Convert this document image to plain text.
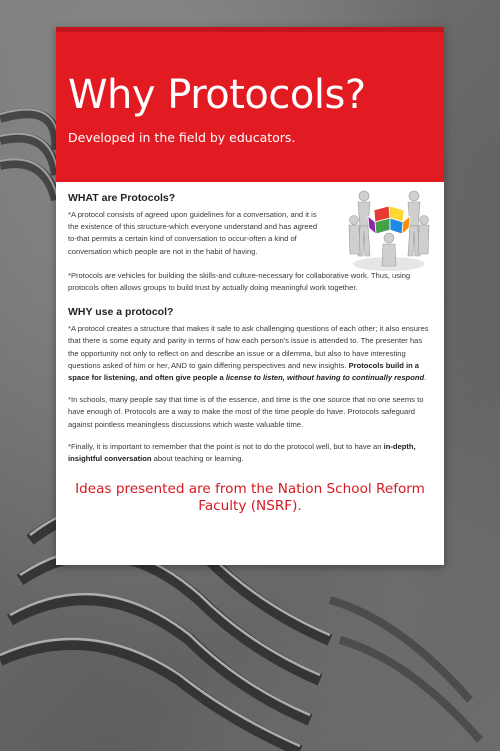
Why Protocols?

Developed in the field by educators.

WHAT are Protocols?

*A protocol consists of agreed upon guidelines for a conversation, and it is the existence of this structure-which everyone understand and has agreed to-that permits a certain kind of conversation to occur-often a kind of conversation which people are not in the habit of having.

*Protocols are vehicles for building the skills-and culture-necessary for collaborative work. Thus, using protocols often allows groups to build trust by actually doing meaningful work together.

WHY use a protocol?

*A protocol creates a structure that makes it safe to ask challenging questions of each other; it also ensures that there is some equity and parity in terms of how each person's issue is attended to. The presenter has the opportunity not only to reflect on and describe an issue or a dilemma, but also to have interesting questions asked of him or her, AND to gain differing perspectives and new insights. Protocols build in a space for listening, and often give people a license to listen, without having to continually respond.

*In schools, many people say that time is of the essence, and time is the one source that no one seems to have enough of. Protocols are a way to make the most of the time people do have. Protocols safeguard against pointless meaningless discussions which waste valuable time.

*Finally, it is important to remember that the point is not to do the protocol well, but to have an in-depth, insightful conversation about teaching or learning.

Ideas presented are from the Nation School Reform Faculty (NSRF).
